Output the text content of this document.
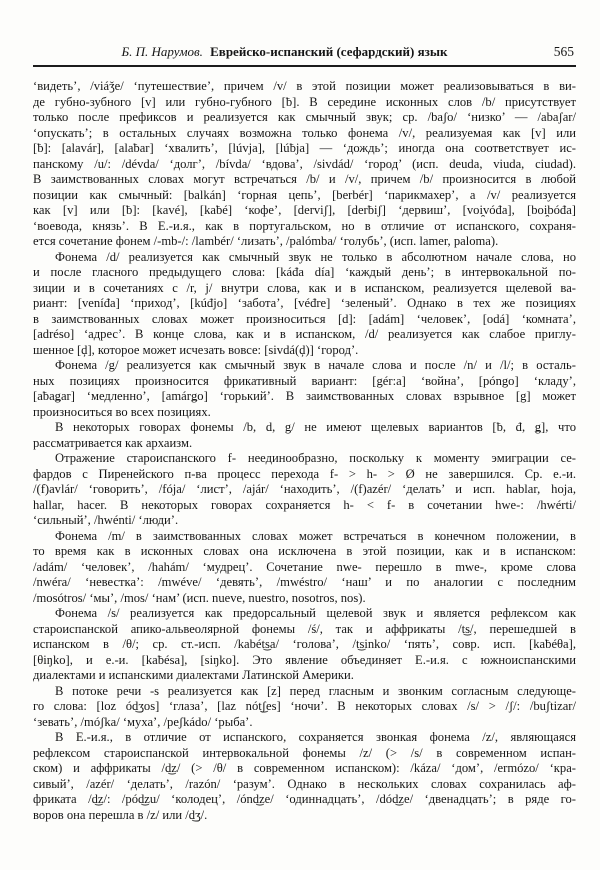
Б. П. Нарумов. Еврейско-испанский (сефардский) язык	565
‘видеть’, /viáǯe/ ‘путешествие’, причем /v/ в этой позиции может реализовываться в ви-
де губно-зубного [v] или губно-губного [ƀ]. В середине исконных слов /b/ присутствует
только после префиксов и реализуется как смычный звук; ср. /baʃo/ ‘низко’ — /abaʃar/
‘опускать’; в остальных случаях возможна только фонема /v/, реализуемая как [v] или
[ƀ]: [alavár], [alaƀar] ‘хвалить’, [lúvja], [lúƀja] — ‘дождь’; иногда она соответствует ис-
панскому /u/: /dévda/ ‘долг’, /bívda/ ‘вдова’, /sivdád/ ‘город’ (исп. deuda, viuda, ciudad).
В заимствованных словах могут встречаться /b/ и /v/, причем /b/ произносится в любой
позиции как смычный: [balkán] ‘горная цепь’, [berbér] ‘парикмахер’, а /v/ реализуется
как [v] или [ƀ]: [kavé], [kaƀé] ‘кофе’, [derviʃ], [derƀiʃ] ‘дервиш’, [voi̯vóđa], [boi̯bóđa]
‘воевода, князь’. В Е.-и.я., как в португальском, но в отличие от испанского, сохраня-
ется сочетание фонем /-mb-/: /lambér/ ‘лизать’, /palómba/ ‘голубь’, (исп. lamer, paloma).
Фонема /d/ реализуется как смычный звук не только в абсолютном начале слова, но
и после гласного предыдущего слова: [káđa día] ‘каждый день’; в интервокальной по-
зиции и в сочетаниях с /r, j/ внутри слова, как и в испанском, реализуется щелевой ва-
риант: [veníđa] ‘приход’, [kúđjo] ‘забота’, [véđre] ‘зеленый’. Однако в тех же позициях
в заимствованных словах может произноситься [d]: [adám] ‘человек’, [odá] ‘комната’,
[adréso] ‘адрес’. В конце слова, как и в испанском, /d/ реализуется как слабое приглу-
шенное [ḑ], которое может исчезать вовсе: [sivdá(ḑ)] ‘город’.
Фонема /g/ реализуется как смычный звук в начале слова и после /n/ и /l/; в осталь-
ных позициях произносится фрикативный вариант: [gér:a] ‘война’, [póngo] ‘кладу’,
[aƀaǥar] ‘медленно’, [amárǥo] ‘горький’. В заимствованных словах взрывное [g] может
произноситься во всех позициях.
В некоторых говорах фонемы /b, d, g/ не имеют щелевых вариантов [ƀ, đ, ǥ], что
рассматривается как архаизм.
Отражение староиспанского f- неединообразно, поскольку к моменту эмиграции се-
фардов с Пиренейского п-ва процесс перехода f- > h- > Ø не завершился. Ср. е.-и.
/(f)avlár/ ‘говорить’, /fója/ ‘лист’, /ajár/ ‘находить’, /(f)azér/ ‘делать’ и исп. hablar, hoja,
hallar, hacer. В некоторых говорах сохраняется h- < f- в сочетании hwe-: /hwérti/
‘сильный’, /hwénti/ ‘люди’.
Фонема /m/ в заимствованных словах может встречаться в конечном положении, в
то время как в исконных словах она исключена в этой позиции, как и в испанском:
/adám/ ‘человек’, /hahám/ ‘мудрец’. Сочетание nwe- перешло в mwe-, кроме слова
/nwéra/ ‘невестка’: /mwéve/ ‘девять’, /mwéstro/ ‘наш’ и по аналогии с последним
/mosótros/ ‘мы’, /mos/ ‘нам’ (исп. nueve, nuestro, nosotros, nos).
Фонема /s/ реализуется как предорсальный щелевой звук и является рефлексом как
староиспанской апико-альвеолярной фонемы /ś/, так и аффрикаты /t͜s/, перешедшей в
испанском в /θ/; ср. ст.-исп. /kabét͜sa/ ‘голова’, /t͜sinko/ ‘пять’, совр. исп. [kaƀéθa],
[θiŋko], и е.-и. [kaƀésa], [siŋko]. Это явление объединяет Е.-и.я. с южноиспанскими
диалектами и испанскими диалектами Латинской Америки.
В потоке речи -s реализуется как [z] перед гласным и звонким согласным следующе-
го слова: [loz ód͜ʒos] ‘глаза’, [laz nót͜ʃes] ‘ночи’. В некоторых словах /s/ > /ʃ/: /buʃtizar/
‘зевать’, /móʃka/ ‘муха’, /peʃkádo/ ‘рыба’.
В Е.-и.я., в отличие от испанского, сохраняется звонкая фонема /z/, являющаяся
рефлексом староиспанской интервокальной фонемы /z/ (> /s/ в современном испан-
ском) и аффрикаты /d͜z/ (> /θ/ в современном испанском): /káza/ ‘дом’, /ermózo/ ‘кра-
сивый’, /azér/ ‘делать’, /razón/ ‘разум’. Однако в нескольких словах сохранилась аф-
фриката /d͜z/: /pód͜zu/ ‘колодец’, /ónd͜ze/ ‘одиннадцать’, /dód͜ze/ ‘двенадцать’; в ряде го-
воров она перешла в /z/ или /d͜ʒ/.
